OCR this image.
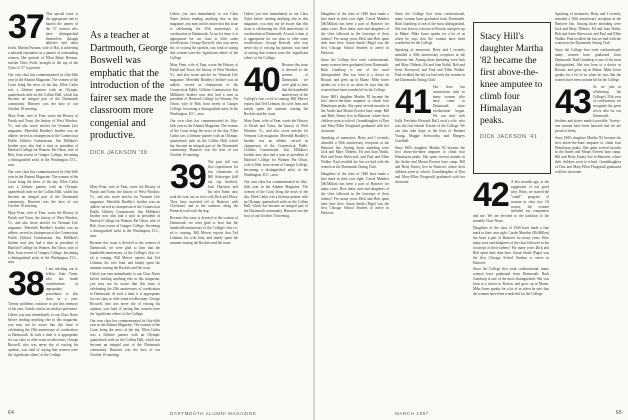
37 This special issue is the appropriate one to launch the names of the '37 women who have distinguished themselves through athletics and other fields. Marion Putnam, wife of Hal, is achieving a national reputation as a painter of outstanding women. Her portrait of Ellen Marie Hosmer, teacher Chris Swift, brought in the top of the Class of '37 to present.

Our own class has commemorated its fifty-fifth year in the Alumni Magazine. The women of the Coast bring the news of the day. Ellen Catlin was a lifetime partner with an Olympic quarterback mile on the Collins Hall, which has become an integral part of the Dartmouth community. Hanover was the host of our October 10 meeting.

Mary Fenn, wife of Fran, wrote the History of Parish and Town, the history of West Windsor, Vt., and also wrote articles for Vermont Life magazine. Meredith Bradley's brother was an athlete, served as chairperson of the Connecticut Public Utilities Commission. Jim Milliken's brother now also had a stint as president of Hartford College for Women. Pat Olson, wife of Bob, born recent of Ganges College, becoming a distinguished artist in the Washington, D.C., area.

Our own class has commemorated its fifty-fifth year in the Alumni Magazine. The women of the Coast bring the news of the day. Ellen Catlin was a lifetime partner with an Olympic quarterback mile on the Collins Hall, which has become an integral part of the Dartmouth community. Hanover was the host of our October 10 meeting.

Mary Fenn, wife of Fran, wrote the History of Parish and Town, the history of West Windsor, Vt., and also wrote articles for Vermont Life magazine. Meredith Bradley's brother was an athlete, served as chairperson of the Connecticut Public Utilities Commission. Jim Milliken's brother now also had a stint as president of Hartford College for Women. Pat Olson, wife of Bob, born recent of Ganges College, becoming a distinguished artist in the Washington, D.C., area.

38 I am reaching out to fellow John Tuten, who has made contributions of unpopulary procedures to this class in a year. Twenty problems continue to put this memory of his own, Gentle, and as an outdoor performer.

Unless you turn immediately to our Class Notes before reading anything else in this magazine, you may not be aware that this issue is celebrating the 25th anniversary of coeducation at Dartmouth. At such a time, it is appropriate for our class to offer some recollections. George Boswell, who was never shy of voicing his opinion, was fond of saying that women were the 'significant others' of the College.

As a teacher at Dartmouth, George Boswell was emphatic that the introduction of the fairer sex made the classroom more congenial and productive.
DICK JACKSON '39

Mary Fenn, wife of Fran, wrote the History of Parish and Town, the history of West Windsor, Vt., and also wrote articles for Vermont Life magazine. Meredith Bradley's brother was an athlete, served as chairperson of the Connecticut Public Utilities Commission. Jim Milliken's brother now also had a stint as president of Hartford College for Women. Pat Olson, wife of Bob, born recent of Ganges College, becoming a distinguished artist in the Washington, D.C., area.

Because this issue is devoted to the women of Dartmouth, we were glad to hear that the hundredth anniversary of the College's first co-ed is coming. Bill Mercer reports that Ted Lehman, his wife Jean, and family spent the summer touring the Rockies and the coast.

Unless you turn immediately to our Class Notes before reading anything else in this magazine, you may not be aware that this issue is celebrating the 25th anniversary of coeducation at Dartmouth. At such a time, it is appropriate for our class to offer some recollections. George Boswell, who was never shy of voicing his opinion, was fond of saying that women were the 'significant others' of the College.

Our own class has commemorated its fifty-fifth year in the Alumni Magazine. The women of the Coast bring the news of the day. Ellen Catlin was a lifetime partner with an Olympic quarterback mile on the Collins Hall, which has become an integral part of the Dartmouth community. Hanover was the host of our October 10 meeting.

Unless you turn immediately to our Class Notes before reading anything else in this magazine, you may not be aware that this issue is celebrating the 25th anniversary of coeducation at Dartmouth. At such a time, it is appropriate for our class to offer some recollections. George Boswell, who was never shy of voicing his opinion, was fond of saying that women were the 'significant others' of the College.

Mary Fenn, wife of Fran, wrote the History of Parish and Town, the history of West Windsor, Vt., and also wrote articles for Vermont Life magazine. Meredith Bradley's brother was an athlete, served as chairperson of the Connecticut Public Utilities Commission. Jim Milliken's brother now also had a stint as president of Hartford College for Women. Pat Olson, wife of Bob, born recent of Ganges College, becoming a distinguished artist in the Washington, D.C., area.

Our own class has commemorated its fifty-fifth year in the Alumni Magazine. The women of the Coast bring the news of the day. Ellen Catlin was a lifetime partner with an Olympic quarterback mile on the Collins Hall, which has become an integral part of the Dartmouth community. Hanover was the host of our October 10 meeting.

39 The past fall was first experiences for two classmates of Bill Schweiger (fall out top brother). Jack Harrison and his wife Anne, who took the tour out on foot with Dick and Hisey. They have marched off at Hanover with Cleveland, and to the outdoors along the Pinnacle road with the dog.

Because this issue is devoted to the women of Dartmouth, we were glad to hear that the hundredth anniversary of the College's first co-ed is coming. Bill Mercer reports that Ted Lehman, his wife Jean, and family spent the summer touring the Rockies and the coast.

Unless you turn immediately to our Class Notes before reading anything else in this magazine, you may not be aware that this issue is celebrating the 25th anniversary of coeducation at Dartmouth. At such a time, it is appropriate for our class to offer some recollections. George Boswell, who was never shy of voicing his opinion, was fond of saying that women were the 'significant others' of the College.

40 Because this issue is devoted to the women of Dartmouth, we were glad to hear that the hundredth anniversary of the College's first co-ed is coming. Bill Mercer reports that Ted Lehman, his wife Jean, and family spent the summer touring the Rockies and the coast.

Mary Fenn, wife of Fran, wrote the History of Parish and Town, the history of West Windsor, Vt., and also wrote articles for Vermont Life magazine. Meredith Bradley's brother was an athlete, served as chairperson of the Connecticut Public Utilities Commission. Jim Milliken's brother now also had a stint as president of Hartford College for Women. Pat Olson, wife of Bob, born recent of Ganges College, becoming a distinguished artist in the Washington, D.C., area.

Our own class has commemorated its fifty-fifth year in the Alumni Magazine. The women of the Coast bring the news of the day. Ellen Catlin was a lifetime partner with an Olympic quarterback mile on the Collins Hall, which has become an integral part of the Dartmouth community. Hanover was the host of our October 10 meeting.

64	DARTMOUTH ALUMNI MAGAZINE

Daughters of the class of 1940 have made a fine mark in their own right. Carole Muether (McMillan) has been a part of Hanover for many years. How many sons and daughters of the class followed in the footsteps of their fathers? For many years Dick and Bob spent their time here. Susan Smith (Page) was the first Chicago School Student to arrive in Hanover.

Since the College first went coeducational, many women have graduated from Dartmouth. Ruth Gunthrop is one of the most distinguished. She was born to a doctor in Boston, and grew up in Maine. Mike Jones speaks for a lot of us when he says that the women have been wonderful for the College.

Stacy Hill's daughter Martha '82 became the first above-the-knee amputee to climb four Himalayan peaks. She spent several months in the Andes and Mount Everest base camp. Bill and Betty Emery live in Hanover, where their children went to school. Granddaughter of Don and Mary-Ellen Fitzgerald graduated with her doctorate.

Speaking of memories, Betty and I recently attended a 50th anniversary reception at the Hanover Inn. Among those attending were Jack and Mary Tibbetts, Ed and Joan Walsh, Bob and Irene Sherwood, and Paul and Ellen Walker. Paul recalled the fun we had with the women in the Dartmouth Outing Club.

Daughters of the class of 1940 have made a fine mark in their own right. Carole Muether (McMillan) has been a part of Hanover for many years. How many sons and daughters of the class followed in the footsteps of their fathers? For many years Dick and Bob spent their time here. Susan Smith (Page) was the first Chicago School Student to arrive in Hanover.

Since the College first went coeducational, many women have graduated from Dartmouth. Ruth Gunthrop is one of the most distinguished. She was born to a doctor in Boston, and grew up in Maine. Mike Jones speaks for a lot of us when he says that the women have been wonderful for the College.

Speaking of memories, Betty and I recently attended a 50th anniversary reception at the Hanover Inn. Among those attending were Jack and Mary Tibbetts, Ed and Joan Walsh, Bob and Irene Sherwood, and Paul and Ellen Walker. Paul recalled the fun we had with the women in the Dartmouth Outing Club.

41 Our class has connections with so many women who have come to Dartmouth since coeducation began. We can start with Sally Frechette Howard, Hal Lewis's wife, who was the first female Trustee of the College. We can also take hope in the lives of Barbara Young, Maggie Kenworthy, and Margery Goodhall.

Stacy Hill's daughter Martha '82 became the first above-the-knee amputee to climb four Himalayan peaks. She spent several months in the Andes and Mount Everest base camp. Bill and Betty Emery live in Hanover, where their children went to school. Granddaughter of Don and Mary-Ellen Fitzgerald graduated with her doctorate.

Stacy Hill's daughter Martha '82 became the first above-the-knee amputee to climb four Himalayan peaks.
DICK JACKSON '41
42 A few months ago, at the suggestion of our good wife, Betty, we started the "small" program of women in class ties. Of course, the women included my companion and me. We are devoted to the tradition of the monthly Class Notes.

Daughters of the class of 1940 have made a fine mark in their own right. Carole Muether (McMillan) has been a part of Hanover for many years. How many sons and daughters of the class followed in the footsteps of their fathers? For many years Dick and Bob spent their time here. Susan Smith (Page) was the first Chicago School Student to arrive in Hanover.

Since the College first went coeducational, many women have graduated from Dartmouth. Ruth Gunthrop is one of the most distinguished. She was born to a doctor in Boston, and grew up in Maine. Mike Jones speaks for a lot of us when he says that the women have been wonderful for the College.

Speaking of memories, Betty and I recently attended a 50th anniversary reception at the Hanover Inn. Among those attending were Jack and Mary Tibbetts, Ed and Joan Walsh, Bob and Irene Sherwood, and Paul and Ellen Walker. Paul recalled the fun we had with the women in the Dartmouth Outing Club.

Since the College first went coeducational, many women have graduated from Dartmouth. Ruth Gunthrop is one of the most distinguished. She was born to a doctor in Boston, and grew up in Maine. Mike Jones speaks for a lot of us when he says that the women have been wonderful for the College.

43 As we join in celebrating the College's 25th year of coeducation, we recognize the great wives who for our Dartmouth brothers and sisters made it possible. Twenty-one women have been honored and we are proud of them.

Stacy Hill's daughter Martha '82 became the first above-the-knee amputee to climb four Himalayan peaks. She spent several months in the Andes and Mount Everest base camp. Bill and Betty Emery live in Hanover, where their children went to school. Granddaughter of Don and Mary-Ellen Fitzgerald graduated with her doctorate.

MARCH 1997	65
